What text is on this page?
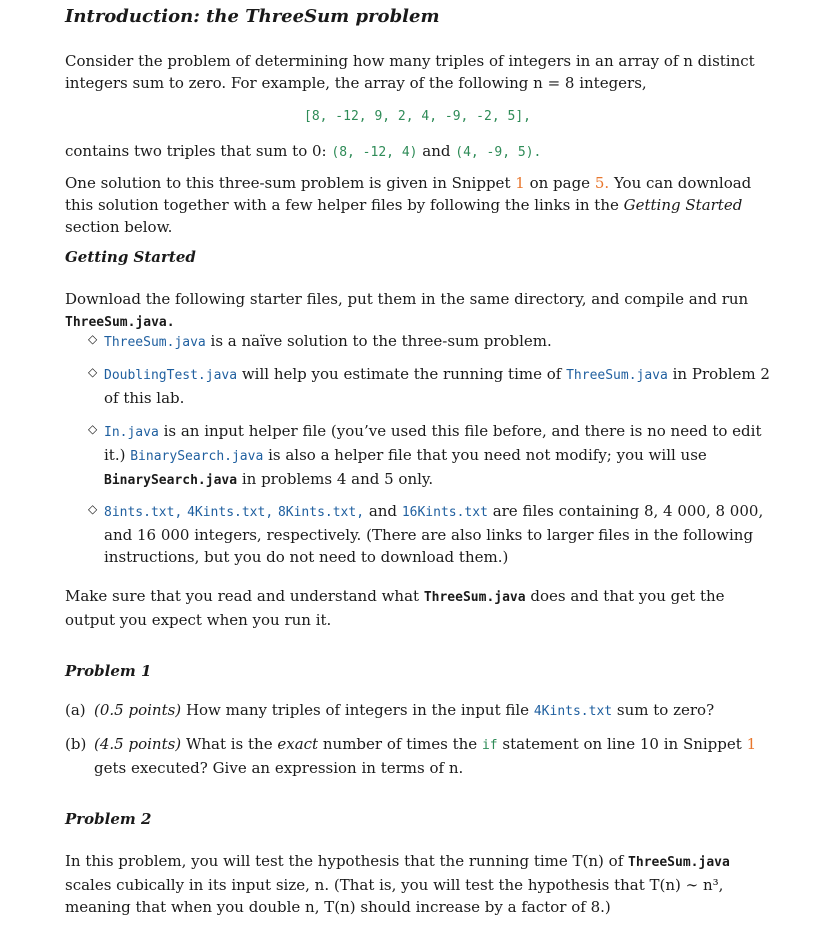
Introduction: the ThreeSum problem
Consider the problem of determining how many triples of integers in an array of n distinct integers sum to zero. For example, the array of the following n = 8 integers,
[8, -12, 9, 2, 4, -9, -2, 5],
contains two triples that sum to 0: (8, -12, 4) and (4, -9, 5).
One solution to this three-sum problem is given in Snippet 1 on page 5. You can download this solution together with a few helper files by following the links in the Getting Started section below.
Getting Started
Download the following starter files, put them in the same directory, and compile and run ThreeSum.java.
◇ ThreeSum.java is a naïve solution to the three-sum problem.
◇ DoublingTest.java will help you estimate the running time of ThreeSum.java in Problem 2 of this lab.
◇ In.java is an input helper file (you’ve used this file before, and there is no need to edit it.) BinarySearch.java is also a helper file that you need not modify; you will use BinarySearch.java in problems 4 and 5 only.
◇ 8ints.txt, 4Kints.txt, 8Kints.txt, and 16Kints.txt are files containing 8, 4 000, 8 000, and 16 000 integers, respectively. (There are also links to larger files in the following instructions, but you do not need to download them.)
Make sure that you read and understand what ThreeSum.java does and that you get the output you expect when you run it.
Problem 1
(a) (0.5 points) How many triples of integers in the input file 4Kints.txt sum to zero?
(b) (4.5 points) What is the exact number of times the if statement on line 10 in Snippet 1 gets executed? Give an expression in terms of n.
Problem 2
In this problem, you will test the hypothesis that the running time T(n) of ThreeSum.java scales cubically in its input size, n. (That is, you will test the hypothesis that T(n) ∼ n³, meaning that when you double n, T(n) should increase by a factor of 8.)
